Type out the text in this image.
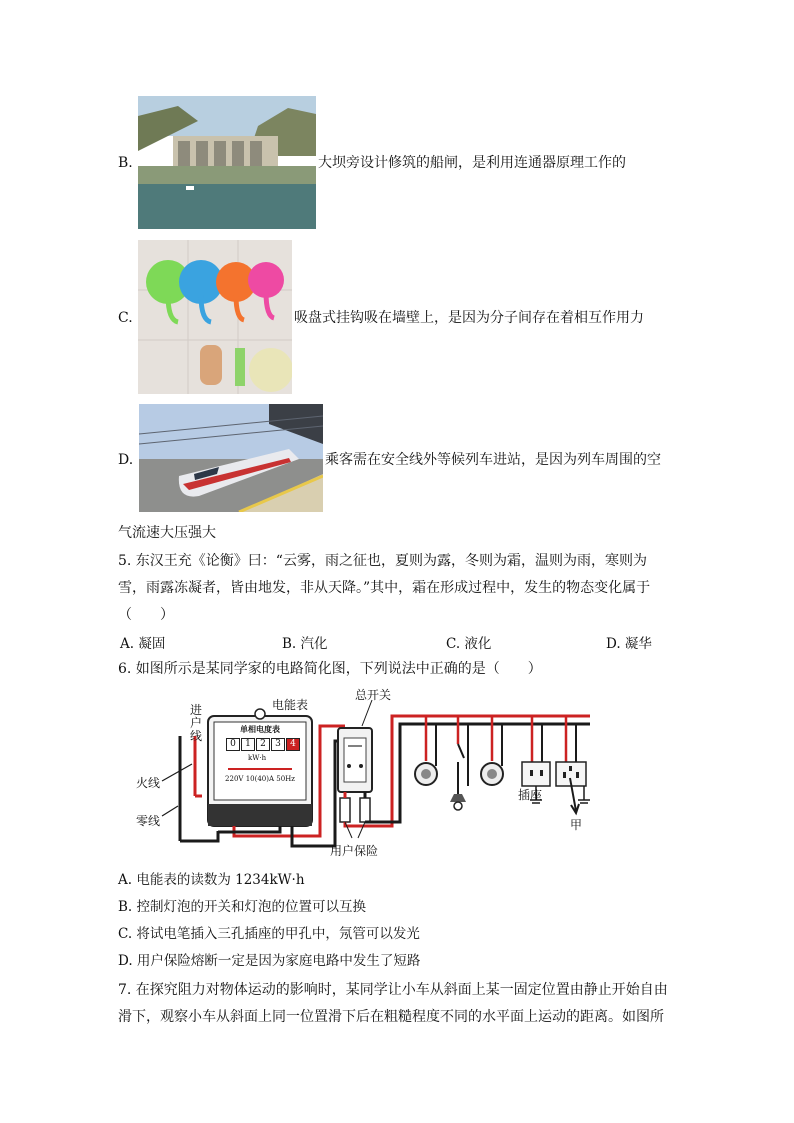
B.	大坝旁设计修筑的船闸，是利用连通器原理工作的
C.	吸盘式挂钩吸在墙壁上，是因为分子间存在着相互作用力
D.	乘客需在安全线外等候列车进站，是因为列车周围的空
气流速大压强大
5. 东汉王充《论衡》曰：“云雾，雨之征也，夏则为露，冬则为霜，温则为雨，寒则为
雪，雨露冻凝者，皆由地发，非从天降。”其中，霜在形成过程中，发生的物态变化属于
（　　）
A. 凝固	B. 汽化	C. 液化	D. 凝华
6. 如图所示是某同学家的电路简化图，下列说法中正确的是（　　）
单相电度表
0	1	2	3	4
kW·h
220V 10(40)A 50Hz
进户线
电能表
总开关
火线
零线
插座
甲
用户保险
A. 电能表的读数为 1234kW·h
B. 控制灯泡的开关和灯泡的位置可以互换
C. 将试电笔插入三孔插座的甲孔中，氖管可以发光
D. 用户保险熔断一定是因为家庭电路中发生了短路
7. 在探究阻力对物体运动的影响时，某同学让小车从斜面上某一固定位置由静止开始自由
滑下，观察小车从斜面上同一位置滑下后在粗糙程度不同的水平面上运动的距离。如图所
